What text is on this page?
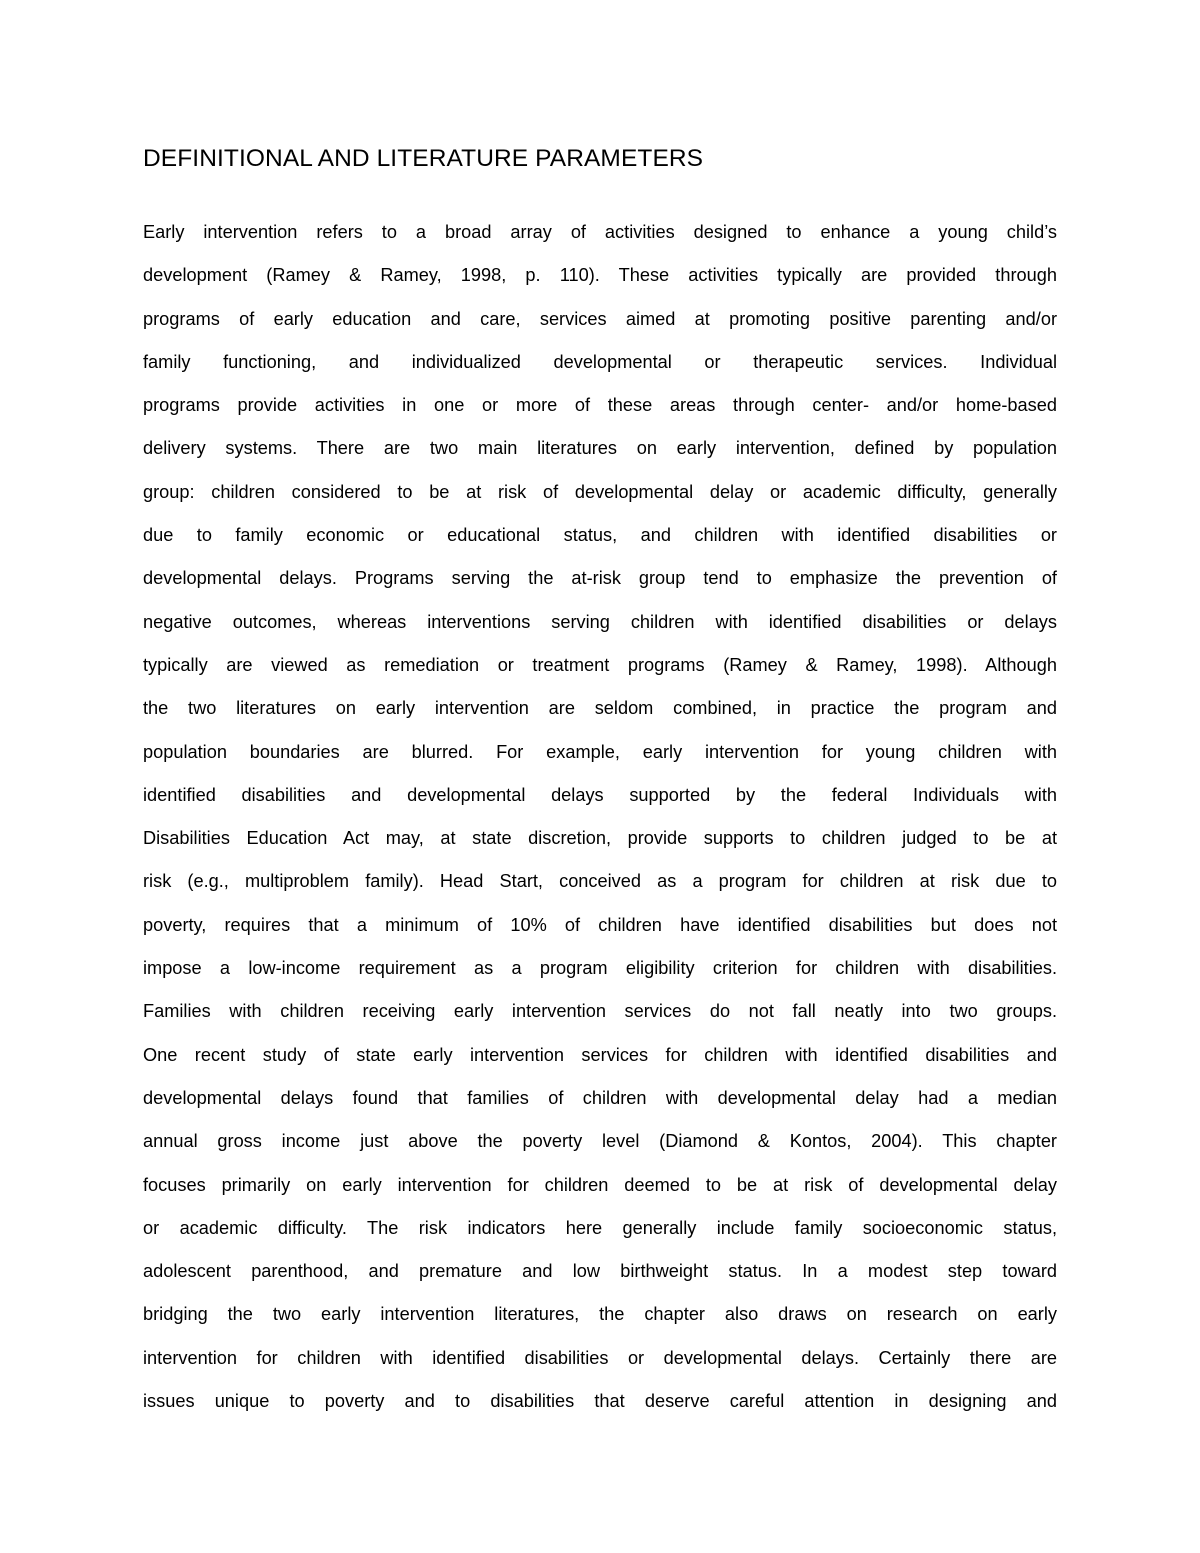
DEFINITIONAL AND LITERATURE PARAMETERS
Early intervention refers to a broad array of activities designed to enhance a young child’s
development (Ramey & Ramey, 1998, p. 110). These activities typically are provided through
programs of early education and care, services aimed at promoting positive parenting and/or
family functioning, and individualized developmental or therapeutic services. Individual
programs provide activities in one or more of these areas through center- and/or home-based
delivery systems. There are two main literatures on early intervention, defined by population
group: children considered to be at risk of developmental delay or academic difficulty, generally
due to family economic or educational status, and children with identified disabilities or
developmental delays. Programs serving the at-risk group tend to emphasize the prevention of
negative outcomes, whereas interventions serving children with identified disabilities or delays
typically are viewed as remediation or treatment programs (Ramey & Ramey, 1998). Although
the two literatures on early intervention are seldom combined, in practice the program and
population boundaries are blurred. For example, early intervention for young children with
identified disabilities and developmental delays supported by the federal Individuals with
Disabilities Education Act may, at state discretion, provide supports to children judged to be at
risk (e.g., multiproblem family). Head Start, conceived as a program for children at risk due to
poverty, requires that a minimum of 10% of children have identified disabilities but does not
impose a low-income requirement as a program eligibility criterion for children with disabilities.
Families with children receiving early intervention services do not fall neatly into two groups.
One recent study of state early intervention services for children with identified disabilities and
developmental delays found that families of children with developmental delay had a median
annual gross income just above the poverty level (Diamond & Kontos, 2004). This chapter
focuses primarily on early intervention for children deemed to be at risk of developmental delay
or academic difficulty. The risk indicators here generally include family socioeconomic status,
adolescent parenthood, and premature and low birthweight status. In a modest step toward
bridging the two early intervention literatures, the chapter also draws on research on early
intervention for children with identified disabilities or developmental delays. Certainly there are
issues unique to poverty and to disabilities that deserve careful attention in designing and
